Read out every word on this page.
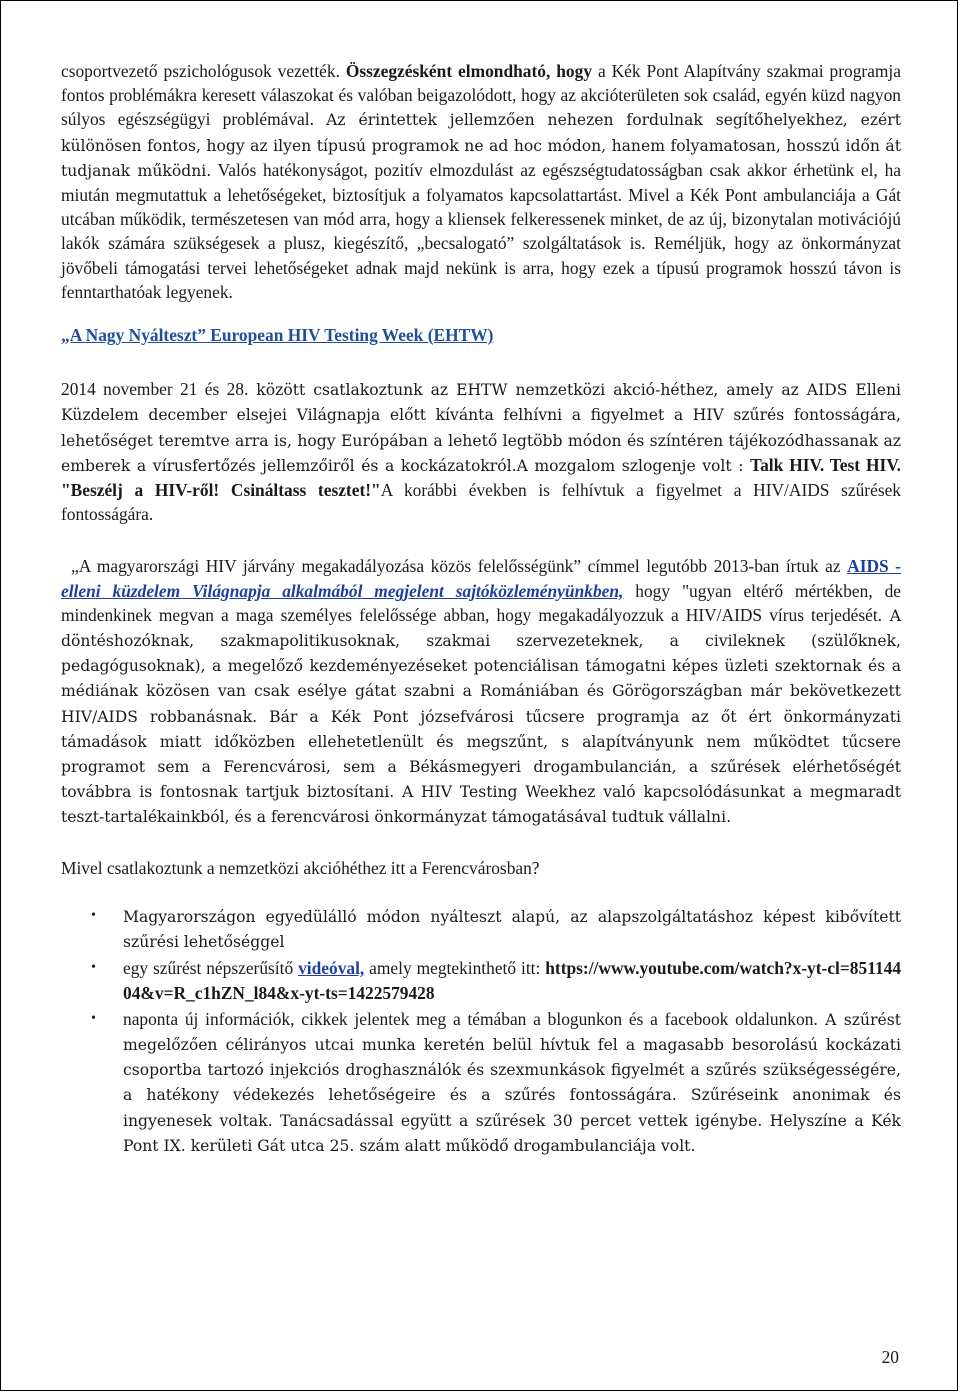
csoportvezető pszichológusok vezették. Összegzésként elmondható, hogy a Kék Pont Alapítvány szakmai programja fontos problémákra keresett válaszokat és valóban beigazolódott, hogy az akcióterületen sok család, egyén küzd nagyon súlyos egészségügyi problémával. Az érintettek jellemzően nehezen fordulnak segítőhelyekhez, ezért különösen fontos, hogy az ilyen típusú programok ne ad hoc módon, hanem folyamatosan, hosszú időn át tudjanak működni. Valós hatékonyságot, pozitív elmozdulást az egészségtudatosságban csak akkor érhetünk el, ha miután megmutattuk a lehetőségeket, biztosítjuk a folyamatos kapcsolattartást. Mivel a Kék Pont ambulanciája a Gát utcában működik, természetesen van mód arra, hogy a kliensek felkeressenek minket, de az új, bizonytalan motivációjú lakók számára szükségesek a plusz, kiegészítő, „becsalogató” szolgáltatások is. Reméljük, hogy az önkormányzat jövőbeli támogatási tervei lehetőségeket adnak majd nekünk is arra, hogy ezek a típusú programok hosszú távon is fenntarthatóak legyenek.

„A Nagy Nyálteszt” European HIV Testing Week (EHTW)

2014 november 21 és 28. között csatlakoztunk az EHTW nemzetközi akció-héthez, amely az AIDS Elleni Küzdelem december elsejei Világnapja előtt kívánta felhívni a figyelmet a HIV szűrés fontosságára, lehetőséget teremtve arra is, hogy Európában a lehető legtöbb módon és színtéren tájékozódhassanak az emberek a vírusfertőzés jellemzőiről és a kockázatokról.A mozgalom szlogenje volt : Talk HIV. Test HIV. "Beszélj a HIV-ről! Csináltass tesztet!"A korábbi években is felhívtuk a figyelmet a HIV/AIDS szűrések fontosságára.

„A magyarországi HIV járvány megakadályozása közös felelősségünk” címmel legutóbb 2013-ban írtuk az AIDS -elleni küzdelem Világnapja alkalmából megjelent sajtóközleményünkben, hogy "ugyan eltérő mértékben, de mindenkinek megvan a maga személyes felelőssége abban, hogy megakadályozzuk a HIV/AIDS vírus terjedését. A döntéshozóknak, szakmapolitikusoknak, szakmai szervezeteknek, a civileknek (szülőknek, pedagógusoknak), a megelőző kezdeményezéseket potenciálisan támogatni képes üzleti szektornak és a médiának közösen van csak esélye gátat szabni a Romániában és Görögországban már bekövetkezett HIV/AIDS robbanásnak. Bár a Kék Pont józsefvárosi tűcsere programja az őt ért önkormányzati támadások miatt időközben ellehetetlenült és megszűnt, s alapítványunk nem működtet tűcsere programot sem a Ferencvárosi, sem a Békásmegyeri drogambulancián, a szűrések elérhetőségét továbbra is fontosnak tartjuk biztosítani. A HIV Testing Weekhez való kapcsolódásunkat a megmaradt teszt-tartalékainkból, és a ferencvárosi önkormányzat támogatásával tudtuk vállalni.

Mivel csatlakoztunk a nemzetközi akcióhéthez itt a Ferencvárosban?

• Magyarországon egyedülálló módon nyálteszt alapú, az alapszolgáltatáshoz képest kibővített szűrési lehetőséggel
• egy szűrést népszerűsítő videóval, amely megtekinthető itt: https://www.youtube.com/watch?x-yt-cl=85114404&v=R_c1hZN_l84&x-yt-ts=1422579428
• naponta új információk, cikkek jelentek meg a témában a blogunkon és a facebook oldalunkon. A szűrést megelőzően célirányos utcai munka keretén belül hívtuk fel a magasabb besorolású kockázati csoportba tartozó injekciós droghasználók és szexmunkások figyelmét a szűrés szükségességére, a hatékony védekezés lehetőségeire és a szűrés fontosságára. Szűréseink anonimak és ingyenesek voltak. Tanácsadással együtt a szűrések 30 percet vettek igénybe. Helyszíne a Kék Pont IX. kerületi Gát utca 25. szám alatt működő drogambulanciája volt.
20
